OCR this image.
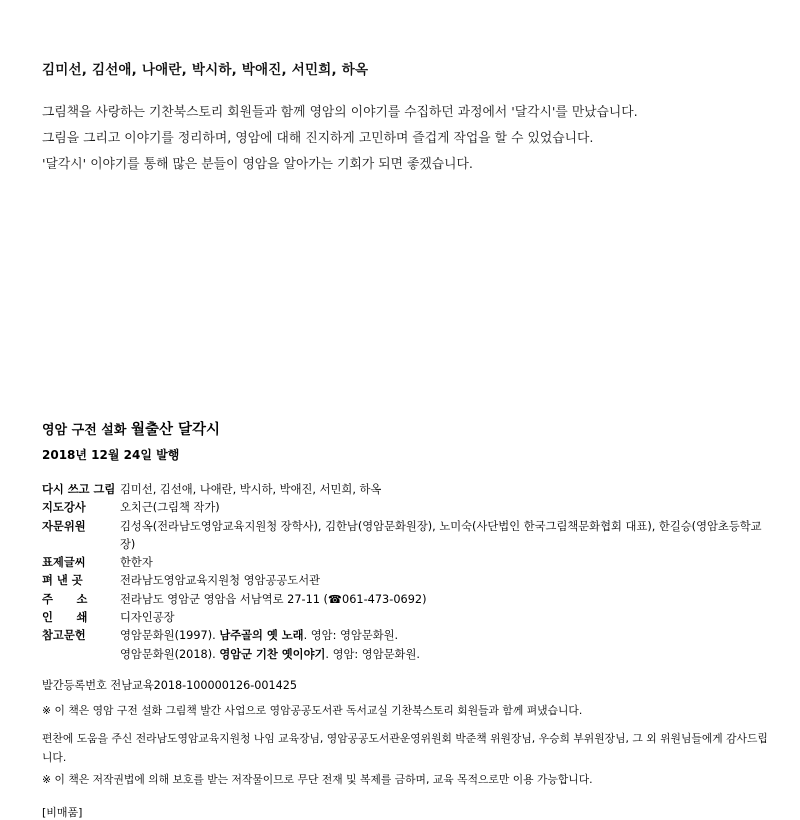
김미선, 김선애, 나애란, 박시하, 박애진, 서민희, 하옥
그림책을 사랑하는 기찬북스토리 회원들과 함께 영암의 이야기를 수집하던 과정에서 '달각시'를 만났습니다.
그림을 그리고 이야기를 정리하며, 영암에 대해 진지하게 고민하며 즐겁게 작업을 할 수 있었습니다.
'달각시' 이야기를 통해 많은 분들이 영암을 알아가는 기회가 되면 좋겠습니다.
영암 구전 설화 월출산 달각시
2018년 12월 24일 발행
다시 쓰고 그림	김미선, 김선애, 나애란, 박시하, 박애진, 서민희, 하옥
지도강사	오치근(그림책 작가)
자문위원	김성옥(전라남도영암교육지원청 장학사), 김한남(영암문화원장), 노미숙(사단법인 한국그림책문화협회 대표), 한길승(영암초등학교장)
표제글씨	한한자
펴 낸 곳	전라남도영암교육지원청 영암공공도서관
주      소	전라남도 영암군 영암읍 서남역로 27-11 (☎061-473-0692)
인      쇄	디자인공장
참고문헌	영암문화원(1997). 남주골의 옛 노래. 영암: 영암문화원.
영암문화원(2018). 영암군 기찬 옛이야기. 영암: 영암문화원.
발간등록번호 전남교육2018-100000126-001425
※ 이 책은 영암 구전 설화 그림책 발간 사업으로 영암공공도서관 독서교실 기찬북스토리 회원들과 함께 펴냈습니다.
편찬에 도움을 주신 전라남도영암교육지원청 나임 교육장님, 영암공공도서관운영위원회 박준책 위원장님, 우승희 부위원장님, 그 외 위원님들에게 감사드립니다.
※ 이 책은 저작권법에 의해 보호를 받는 저작물이므로 무단 전재 및 복제를 금하며, 교육 목적으로만 이용 가능합니다.
[비매품]
